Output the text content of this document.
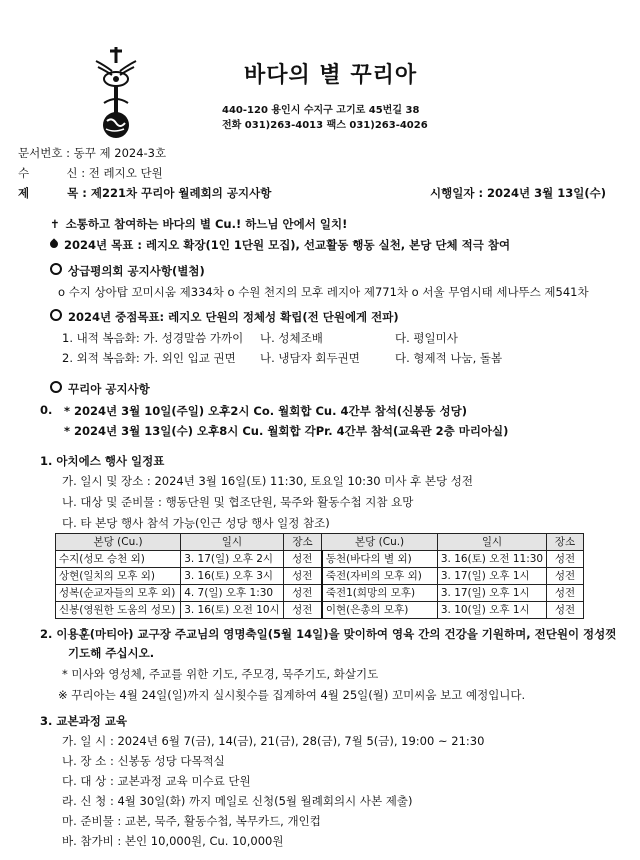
바다의 별 꾸리아
440-120 용인시 수지구 고기로 45번길 38
전화 031)263-4013 팩스 031)263-4026
문서번호 : 동꾸 제 2024-3호
수	신 : 전 레지오 단원
제	목 : 제221차 꾸리아 월례회의 공지사항	시행일자 : 2024년 3월 13일(수)
✝ 소통하고 참여하는 바다의 별 Cu.! 하느님 안에서 일치!
2024년 목표 : 레지오 확장(1인 1단원 모집), 선교활동 행동 실천, 본당 단체 적극 참여
상급평의회 공지사항(별첨)
o 수지 상아탑 꼬미시움 제334차 o 수원 천지의 모후 레지아 제771차 o 서울 무염시태 세나뚜스 제541차
2024년 중점목표: 레지오 단원의 정체성 확립(전 단원에게 전파)
1. 내적 복음화: 가. 성경말씀 가까이 나. 성체조배	다. 평일미사
2. 외적 복음화: 가. 외인 입교 권면 나. 냉담자 회두권면	다. 형제적 나눔, 돌봄
꾸리아 공지사항
0. * 2024년 3월 10일(주일) 오후2시 Co. 월회합 Cu. 4간부 참석(신봉동 성당)
* 2024년 3월 13일(수) 오후8시 Cu. 월회합 각Pr. 4간부 참석(교육관 2층 마리아실)
1. 아치에스 행사 일정표
가. 일시 및 장소 : 2024년 3월 16일(토) 11:30, 토요일 10:30 미사 후 본당 성전
나. 대상 및 준비물 : 행동단원 및 협조단원, 묵주와 활동수첩 지참 요망
다. 타 본당 행사 참석 가능(인근 성당 행사 일정 참조)
본당 (Cu.)	일시	장소	본당 (Cu.)	일시	장소
수지(성모 승천 외)	3. 17(일) 오후 2시	성전	동천(바다의 별 외)	3. 16(토) 오전 11:30	성전
상현(일치의 모후 외)	3. 16(토) 오후 3시	성전	죽전(자비의 모후 외)	3. 17(일) 오후 1시	성전
성복(순교자들의 모후 외)	4. 7(일) 오후 1:30	성전	죽전1(희망의 모후)	3. 17(일) 오후 1시	성전
신봉(영원한 도움의 성모)	3. 16(토) 오전 10시	성전	이현(은총의 모후)	3. 10(일) 오후 1시	성전
2. 이용훈(마티아) 교구장 주교님의 영명축일(5월 14일)을 맞이하여 영육 간의 건강을 기원하며, 전단원이 정성껏
기도해 주십시오.
* 미사와 영성체, 주교를 위한 기도, 주모경, 묵주기도, 화살기도
※ 꾸리아는 4월 24일(일)까지 실시횟수를 집계하여 4월 25일(월) 꼬미씨움 보고 예정입니다.
3. 교본과정 교육
가. 일 시 : 2024년 6월 7(금), 14(금), 21(금), 28(금), 7월 5(금), 19:00 ~ 21:30
나. 장 소 : 신봉동 성당 다목적실
다. 대 상 : 교본과정 교육 미수료 단원
라. 신 청 : 4월 30일(화) 까지 메일로 신청(5월 월례회의시 사본 제출)
마. 준비물 : 교본, 묵주, 활동수첩, 복무카드, 개인컵
바. 참가비 : 본인 10,000원, Cu. 10,000원
